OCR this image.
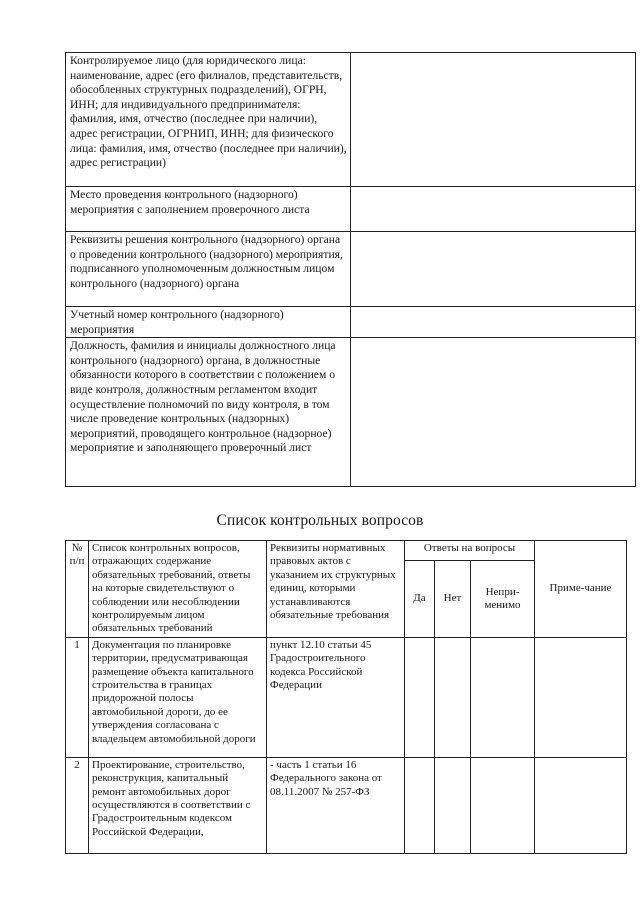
Контролируемое лицо (для юридического лица: наименование, адрес (его филиалов, представительств, обособленных структурных подразделений), ОГРН, ИНН; для индивидуального предпринимателя: фамилия, имя, отчество (последнее при наличии), адрес регистрации, ОГРНИП, ИНН; для физического лица: фамилия, имя, отчество (последнее при наличии), адрес регистрации)	
Место проведения контрольного (надзорного) мероприятия с заполнением проверочного листа	
Реквизиты решения контрольного (надзорного) органа о проведении контрольного (надзорного) мероприятия, подписанного уполномоченным должностным лицом контрольного (надзорного) органа	
Учетный номер контрольного (надзорного) мероприятия	
Должность, фамилия и инициалы должностного лица контрольного (надзорного) органа, в должностные обязанности которого в соответствии с положением о виде контроля, должностным регламентом входит осуществление полномочий по виду контроля, в том числе проведение контрольных (надзорных) мероприятий, проводящего контрольное (надзорное) мероприятие и заполняющего проверочный лист	
Список контрольных вопросов
№ п/п	Список контрольных вопросов, отражающих содержание обязательных требований, ответы на которые свидетельствуют о соблюдении или несоблюдении контролируемым лицом обязательных требований	Реквизиты нормативных правовых актов с указанием их структурных единиц, которыми устанавливаются обязательные требования	Ответы на вопросы			Приме-чание
			Да	Нет	Непри-менимо	
1	Документация по планировке территории, предусматривающая размещение объекта капитального строительства в границах придорожной полосы автомобильной дороги, до ее утверждения согласована с владельцем автомобильной дороги	пункт 12.10 статьи 45 Градостроительного кодекса Российской Федерации				
2	Проектирование, строительство, реконструкция, капитальный ремонт автомобильных дорог осуществляются в соответствии с Градостроительным кодексом Российской Федерации,	- часть 1 статьи 16 Федерального закона от 08.11.2007 № 257-ФЗ				
